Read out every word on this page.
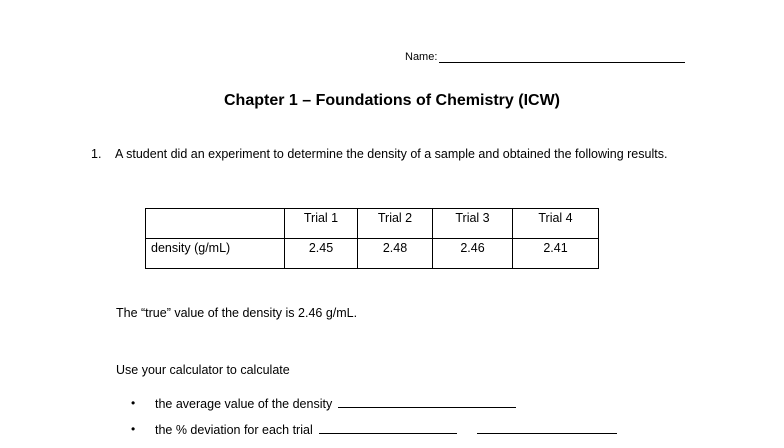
Name:
Chapter 1 – Foundations of Chemistry (ICW)
1. A student did an experiment to determine the density of a sample and obtained the following results.

	Trial 1	Trial 2	Trial 3	Trial 4

density (g/mL)	2.45	2.48	2.46	2.41
The “true” value of the density is 2.46 g/mL.
Use your calculator to calculate
• the average value of the density
• the % deviation for each trial
